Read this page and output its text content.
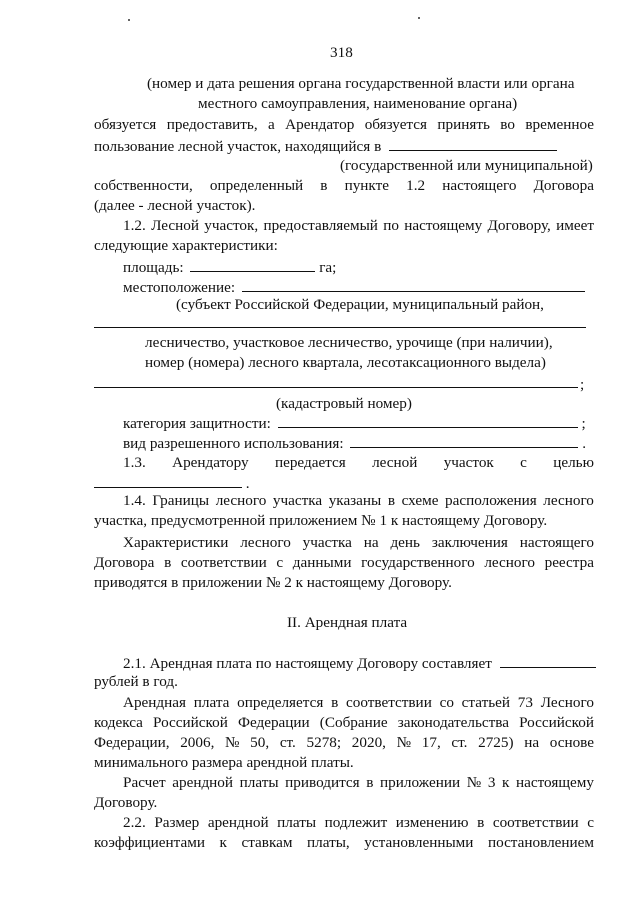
318
(номер и дата решения органа государственной власти или органа
местного самоуправления, наименование органа)
обязуется предоставить, а Арендатор обязуется принять во временное
пользование лесной участок, находящийся в
(государственной или муниципальной)
собственности, определенный в пункте 1.2 настоящего Договора
(далее - лесной участок).
1.2. Лесной участок, предоставляемый по настоящему Договору, имеет
следующие характеристики:
площадь:	га;
местоположение:
(субъект Российской Федерации, муниципальный район,
лесничество, участковое лесничество, урочище (при наличии),
номер (номера) лесного квартала, лесотаксационного выдела)
;
(кадастровый номер)
категория защитности:	;
вид разрешенного использования:	.
1.3. Арендатору передается лесной участок с целью
.
1.4. Границы лесного участка указаны в схеме расположения лесного
участка, предусмотренной приложением № 1 к настоящему Договору.
Характеристики лесного участка на день заключения настоящего
Договора в соответствии с данными государственного лесного реестра
приводятся в приложении № 2 к настоящему Договору.
II. Арендная плата
2.1. Арендная плата по настоящему Договору составляет
рублей в год.
Арендная плата определяется в соответствии со статьей 73 Лесного
кодекса Российской Федерации (Собрание законодательства Российской
Федерации, 2006, № 50, ст. 5278; 2020, № 17, ст. 2725) на основе
минимального размера арендной платы.
Расчет арендной платы приводится в приложении № 3 к настоящему
Договору.
2.2. Размер арендной платы подлежит изменению в соответствии с
коэффициентами к ставкам платы, установленными постановлением
